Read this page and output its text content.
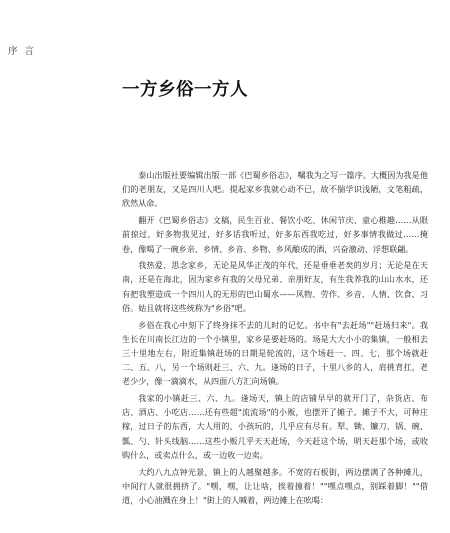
序 言
一方乡俗一方人

泰山出版社要编辑出版一部《巴蜀乡俗志》，嘱我为之写一篇序。大概因为我是他们的老朋友，又是四川人吧。提起家乡我就心动不已，故不揣学识浅陋，文笔粗疏，欣然从命。

翻开《巴蜀乡俗志》文稿，民生百业、餐饮小吃、休闲节庆、童心稚趣……从眼前掠过，好多物我见过，好多话我听过，好多东西我吃过，好多事情我做过……掩卷，像喝了一碗乡亲、乡情、乡音、乡物、乡风酿成的酒，兴奋激动、浮想联翩。

我热爱、思念家乡，无论是风华正茂的年代，还是垂垂老矣的岁月；无论是在天南，还是在海北，因为家乡有我的父母兄弟、亲朋好友，有生我养我的山山水水，还有把我塑造成一个四川人的无形的巴山蜀水——风物、劳作、乡音、人情、饮食、习俗。姑且就将这些统称为"乡俗"吧。

乡俗在我心中刻下了终身抹不去的儿时的记忆。书中有"去赶场""赶场归来"。我生长在川南长江边的一个小镇里，家乡是要赶场的。场是大大小小的集镇，一般相去三十里地左右，附近集镇赶场的日期是轮流的，这个场赶一、四、七，那个场就赶二、五、八，另一个场则赶三、六、九。逢场的日子，十里八乡的人，肩挑背扛，老老少少，像一滴滴水，从四面八方汇向场镇。

我家的小镇赶三、六、九。逢场天，镇上的店铺早早的就开门了，杂货店、布店、酒店、小吃店……还有些超"流流场"的小贩，也摆开了摊子。摊子不大，可种庄稼，过日子的东西，大人用的，小孩玩的，几乎应有尽有。犁、锄、镰刀、锅、碗、瓢、勺、针头线脑……这些小贩几乎天天赶场，今天赶这个场，明天赶那个场，或收购什么，或卖点什么，或一边收一边卖。

大约八九点钟光景，镇上的人越聚越多。不宽的石板街，两边摆满了各种摊儿，中间行人就很拥挤了。"嘿，嘿，让让啥，挨着撞着！""嘿点嘿点，别踩着脚！""借道，小心油溅在身上！"街上的人喊着，两边摊上在吆喝：
